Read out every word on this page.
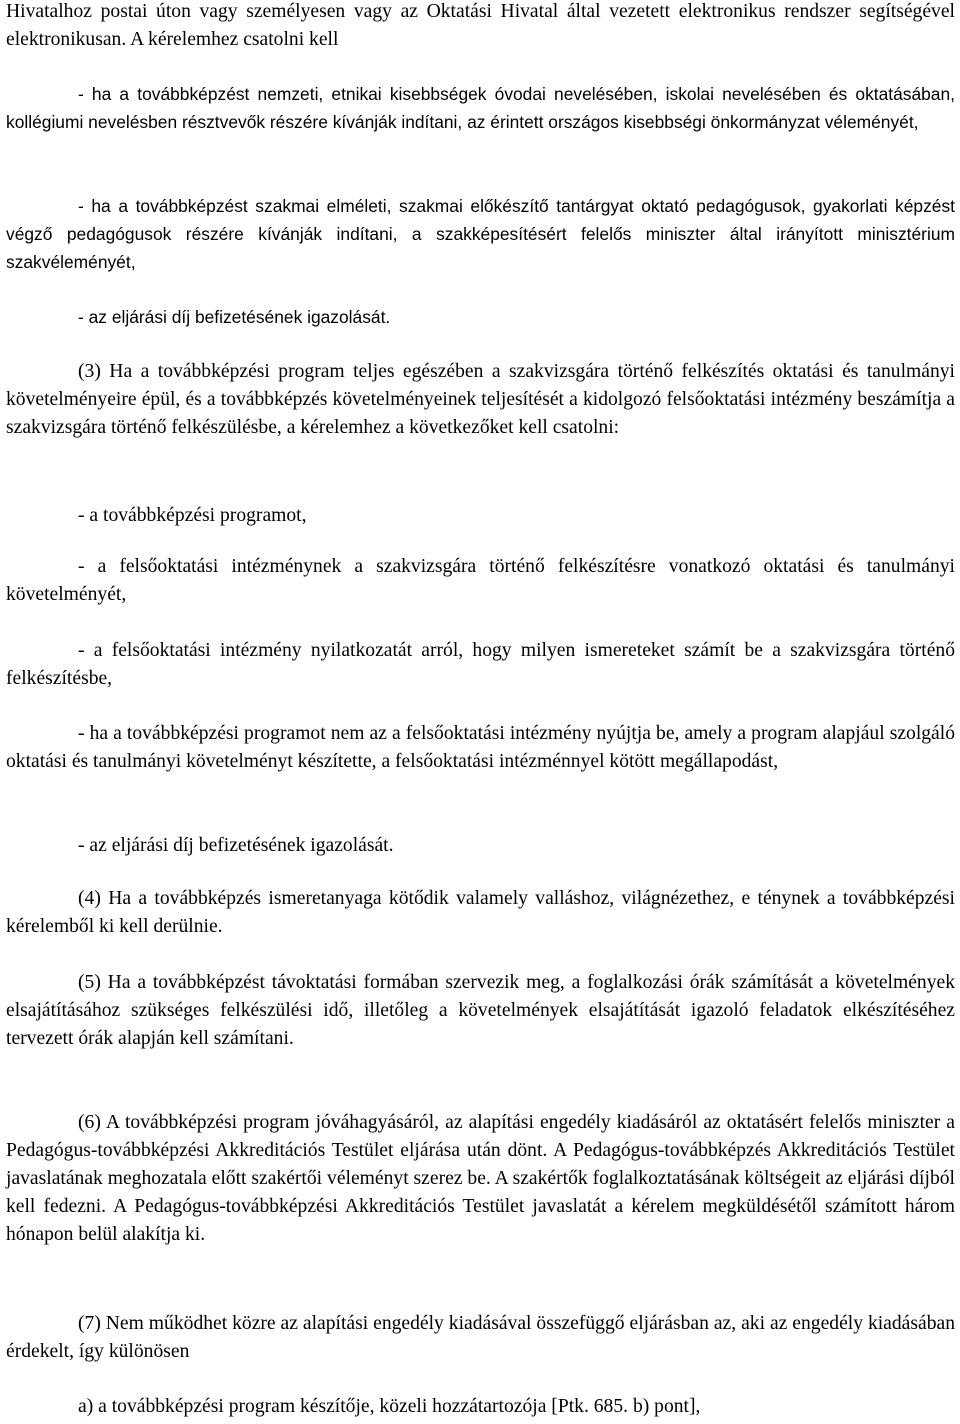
Hivatalhoz postai úton vagy személyesen vagy az Oktatási Hivatal által vezetett elektronikus rendszer segítségével elektronikusan. A kérelemhez csatolni kell

- ha a továbbképzést nemzeti, etnikai kisebbségek óvodai nevelésében, iskolai nevelésében és oktatásában, kollégiumi nevelésben résztvevők részére kívánják indítani, az érintett országos kisebbségi önkormányzat véleményét,

- ha a továbbképzést szakmai elméleti, szakmai előkészítő tantárgyat oktató pedagógusok, gyakorlati képzést végző pedagógusok részére kívánják indítani, a szakképesítésért felelős miniszter által irányított minisztérium szakvéleményét,

- az eljárási díj befizetésének igazolását.

(3) Ha a továbbképzési program teljes egészében a szakvizsgára történő felkészítés oktatási és tanulmányi követelményeire épül, és a továbbképzés követelményeinek teljesítését a kidolgozó felsőoktatási intézmény beszámítja a szakvizsgára történő felkészülésbe, a kérelemhez a következőket kell csatolni:

- a továbbképzési programot,

- a felsőoktatási intézménynek a szakvizsgára történő felkészítésre vonatkozó oktatási és tanulmányi követelményét,

- a felsőoktatási intézmény nyilatkozatát arról, hogy milyen ismereteket számít be a szakvizsgára történő felkészítésbe,

- ha a továbbképzési programot nem az a felsőoktatási intézmény nyújtja be, amely a program alapjául szolgáló oktatási és tanulmányi követelményt készítette, a felsőoktatási intézménnyel kötött megállapodást,

- az eljárási díj befizetésének igazolását.

(4) Ha a továbbképzés ismeretanyaga kötődik valamely valláshoz, világnézethez, e ténynek a továbbképzési kérelemből ki kell derülnie.

(5) Ha a továbbképzést távoktatási formában szervezik meg, a foglalkozási órák számítását a követelmények elsajátításához szükséges felkészülési idő, illetőleg a követelmények elsajátítását igazoló feladatok elkészítéséhez tervezett órák alapján kell számítani.

(6) A továbbképzési program jóváhagyásáról, az alapítási engedély kiadásáról az oktatásért felelős miniszter a Pedagógus-továbbképzési Akkreditációs Testület eljárása után dönt. A Pedagógus-továbbképzés Akkreditációs Testület javaslatának meghozatala előtt szakértői véleményt szerez be. A szakértők foglalkoztatásának költségeit az eljárási díjból kell fedezni. A Pedagógus-továbbképzési Akkreditációs Testület javaslatát a kérelem megküldésétől számított három hónapon belül alakítja ki.

(7) Nem működhet közre az alapítási engedély kiadásával összefüggő eljárásban az, aki az engedély kiadásában érdekelt, így különösen

a) a továbbképzési program készítője, közeli hozzátartozója [Ptk. 685. b) pont],
